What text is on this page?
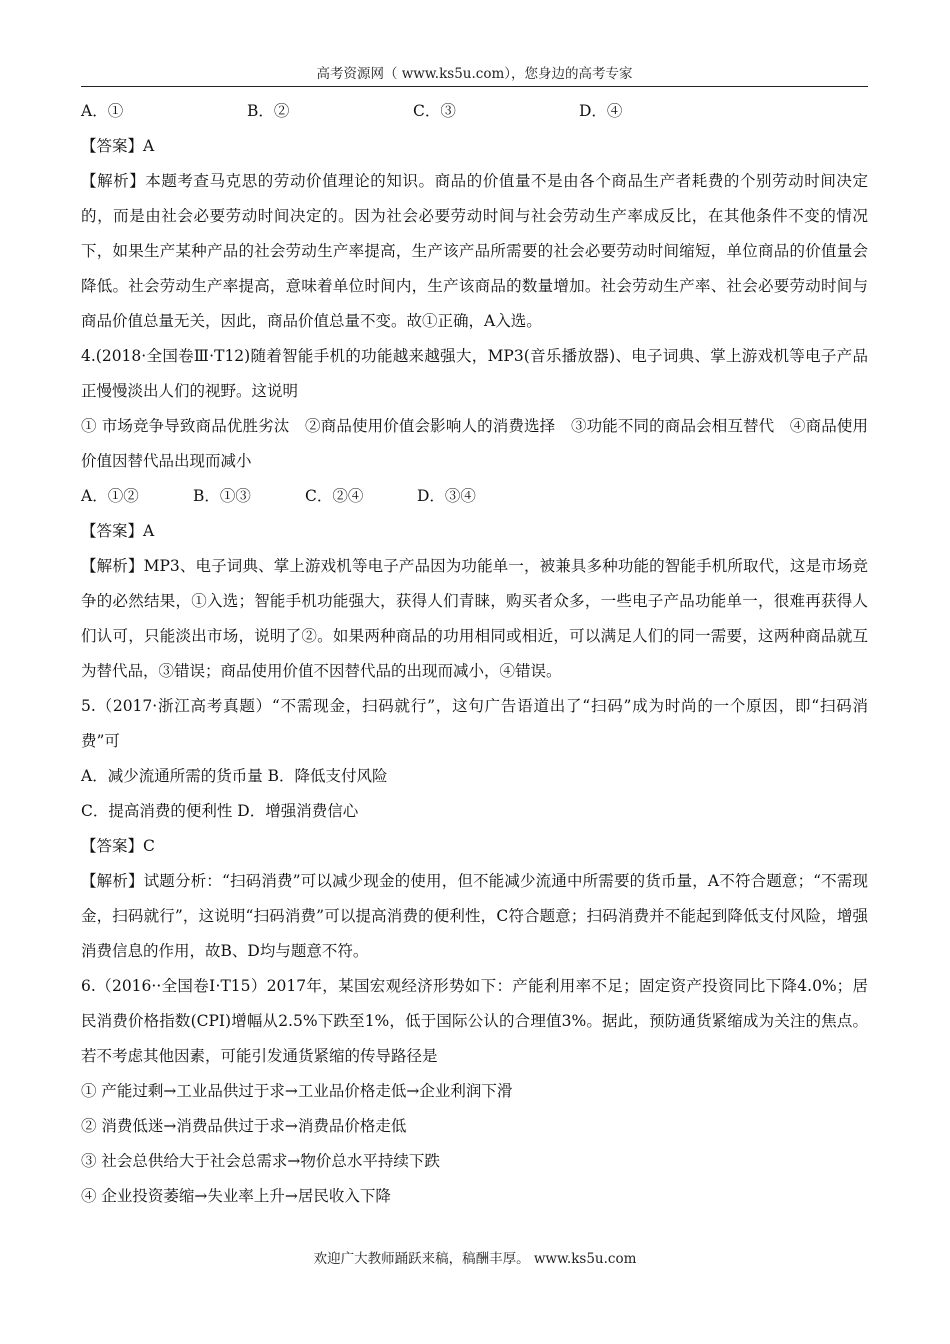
高考资源网（ www.ks5u.com），您身边的高考专家
A．①	B．②	C．③	D．④

【答案】A

【解析】本题考查马克思的劳动价值理论的知识。商品的价值量不是由各个商品生产者耗费的个别劳动时间决定的，而是由社会必要劳动时间决定的。因为社会必要劳动时间与社会劳动生产率成反比，在其他条件不变的情况下，如果生产某种产品的社会劳动生产率提高，生产该产品所需要的社会必要劳动时间缩短，单位商品的价值量会降低。社会劳动生产率提高，意味着单位时间内，生产该商品的数量增加。社会劳动生产率、社会必要劳动时间与商品价值总量无关，因此，商品价值总量不变。故①正确，A入选。

4.(2018·全国卷Ⅲ·T12)随着智能手机的功能越来越强大，MP3(音乐播放器)、电子词典、掌上游戏机等电子产品正慢慢淡出人们的视野。这说明

① 市场竞争导致商品优胜劣汰　②商品使用价值会影响人的消费选择　③功能不同的商品会相互替代　④商品使用价值因替代品出现而减小

A．①②	B．①③	C．②④	D．③④

【答案】A

【解析】MP3、电子词典、掌上游戏机等电子产品因为功能单一，被兼具多种功能的智能手机所取代，这是市场竞争的必然结果，①入选；智能手机功能强大，获得人们青睐，购买者众多，一些电子产品功能单一，很难再获得人们认可，只能淡出市场，说明了②。如果两种商品的功用相同或相近，可以满足人们的同一需要，这两种商品就互为替代品，③错误；商品使用价值不因替代品的出现而减小，④错误。

5.（2017·浙江高考真题）“不需现金，扫码就行”，这句广告语道出了“扫码”成为时尚的一个原因，即“扫码消费”可

A．减少流通所需的货币量 B．降低支付风险

C．提高消费的便利性 D．增强消费信心

【答案】C

【解析】试题分析：“扫码消费”可以减少现金的使用，但不能减少流通中所需要的货币量，A不符合题意；“不需现金，扫码就行”，这说明“扫码消费”可以提高消费的便利性，C符合题意；扫码消费并不能起到降低支付风险，增强消费信息的作用，故B、D均与题意不符。

6.（2016··全国卷Ⅰ·T15）2017年，某国宏观经济形势如下：产能利用率不足；固定资产投资同比下降4.0%；居民消费价格指数(CPI)增幅从2.5%下跌至1%，低于国际公认的合理值3%。据此，预防通货紧缩成为关注的焦点。若不考虑其他因素，可能引发通货紧缩的传导路径是

① 产能过剩→工业品供过于求→工业品价格走低→企业利润下滑

② 消费低迷→消费品供过于求→消费品价格走低

③ 社会总供给大于社会总需求→物价总水平持续下跌

④ 企业投资萎缩→失业率上升→居民收入下降

欢迎广大教师踊跃来稿，稿酬丰厚。 www.ks5u.com
